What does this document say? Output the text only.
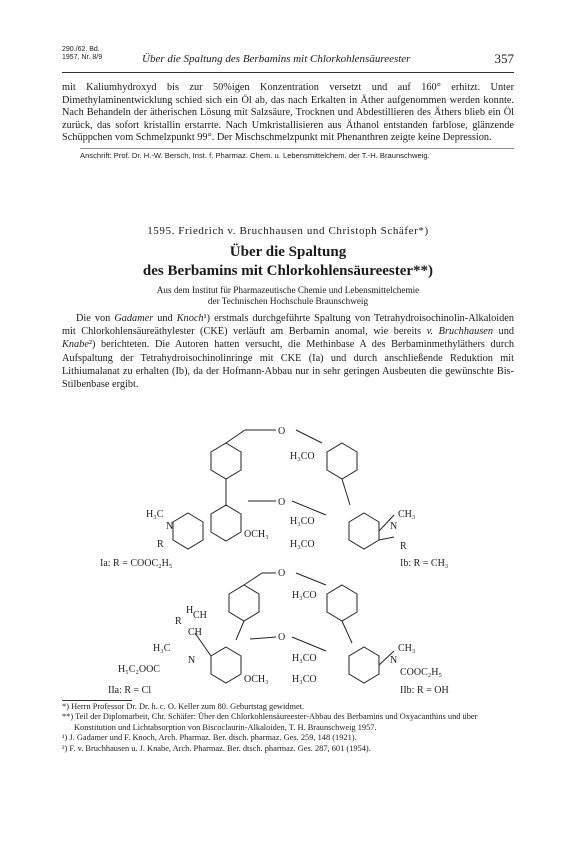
290./62. Bd.
1957, Nr. 8/9	Über die Spaltung des Berbamins mit Chlorkohlensäureester	357
mit Kaliumhydroxyd bis zur 50%igen Konzentration versetzt und auf 160° erhitzt. Unter Dimethylaminentwicklung schied sich ein Öl ab, das nach Erkalten in Äther aufgenommen werden konnte. Nach Behandeln der ätherischen Lösung mit Salzsäure, Trocknen und Abdestillieren des Äthers blieb ein Öl zurück, das sofort kristallin erstarrte. Nach Umkristallisieren aus Äthanol entstanden farblose, glänzende Schüppchen vom Schmelzpunkt 99°. Der Mischschmelzpunkt mit Phenanthren zeigte keine Depression.
Anschrift: Prof. Dr. H.-W. Bersch, Inst. f. Pharmaz. Chem. u. Lebensmittelchem. der T.-H. Braunschweig.
1595. Friedrich v. Bruchhausen und Christoph Schäfer*)
Über die Spaltung
des Berbamins mit Chlorkohlensäureester**)
Aus dem Institut für Pharmazeutische Chemie und Lebensmittelchemie
der Technischen Hochschule Braunschweig
Die von Gadamer und Knoch¹) erstmals durchgeführte Spaltung von Tetrahydroisochinolin-Alkaloiden mit Chlorkohlensäureäthylester (CKE) verläuft am Berbamin anomal, wie bereits v. Bruchhausen und Knabe²) berichteten. Die Autoren hatten versucht, die Methinbase A des Berbaminmethyläthers durch Aufspaltung der Tetrahydroisochinolinringe mit CKE (Ia) und durch anschließende Reduktion mit Lithiumalanat zu erhalten (Ib), da der Hofmann-Abbau nur in sehr geringen Ausbeuten die gewünschte Bis-Stilbenbase ergibt.
O
H₃CO
O
H₃CO
H₃CO
OCH₃
H₃C
N
R
N
CH₃
R
Ia: R = COOC₂H₅	Ib: R = CH₃
O
H₃CO
H CH
R
CH	O
H₃C
N
H₅C₂OOC
H₃CO
H₃CO
OCH₃
N
CH₃
COOC₂H₅
IIa: R = Cl	IIb: R = OH
*) Herrn Professor Dr. Dr. h. c. O. Keller zum 80. Geburtstag gewidmet.
**) Teil der Diplomarbeit, Chr. Schäfer: Über den Chlorkohlensäureester-Abbau des Berbamins und Oxyacanthins und über Konstitution und Lichtabsorption von Biscoclaurin-Alkaloiden, T. H. Braunschweig 1957.
¹) J. Gadamer und F. Knoch, Arch. Pharmaz. Ber. dtsch. pharmaz. Ges. 259, 148 (1921).
²) F. v. Bruchhausen u. J. Knabe, Arch. Pharmaz. Ber. dtsch. pharmaz. Ges. 287, 601 (1954).
